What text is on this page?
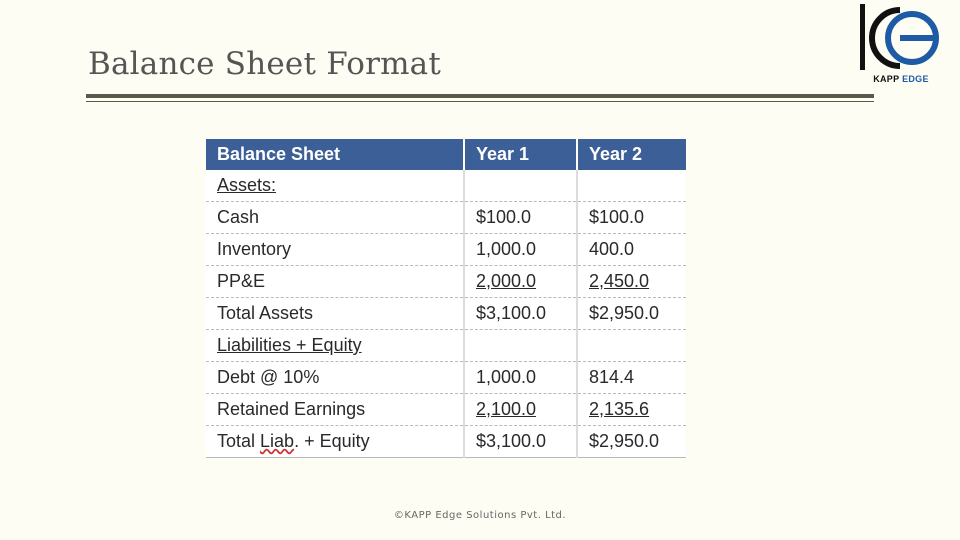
Balance Sheet Format	KAPP EDGE
Balance Sheet	Year 1	Year 2
Assets:		
Cash	$100.0	$100.0
Inventory	1,000.0	400.0
PP&E	2,000.0	2,450.0
Total Assets	$3,100.0	$2,950.0
Liabilities + Equity		
Debt @ 10%	1,000.0	814.4
Retained Earnings	2,100.0	2,135.6
Total Liab. + Equity	$3,100.0	$2,950.0
©KAPP Edge Solutions Pvt. Ltd.
